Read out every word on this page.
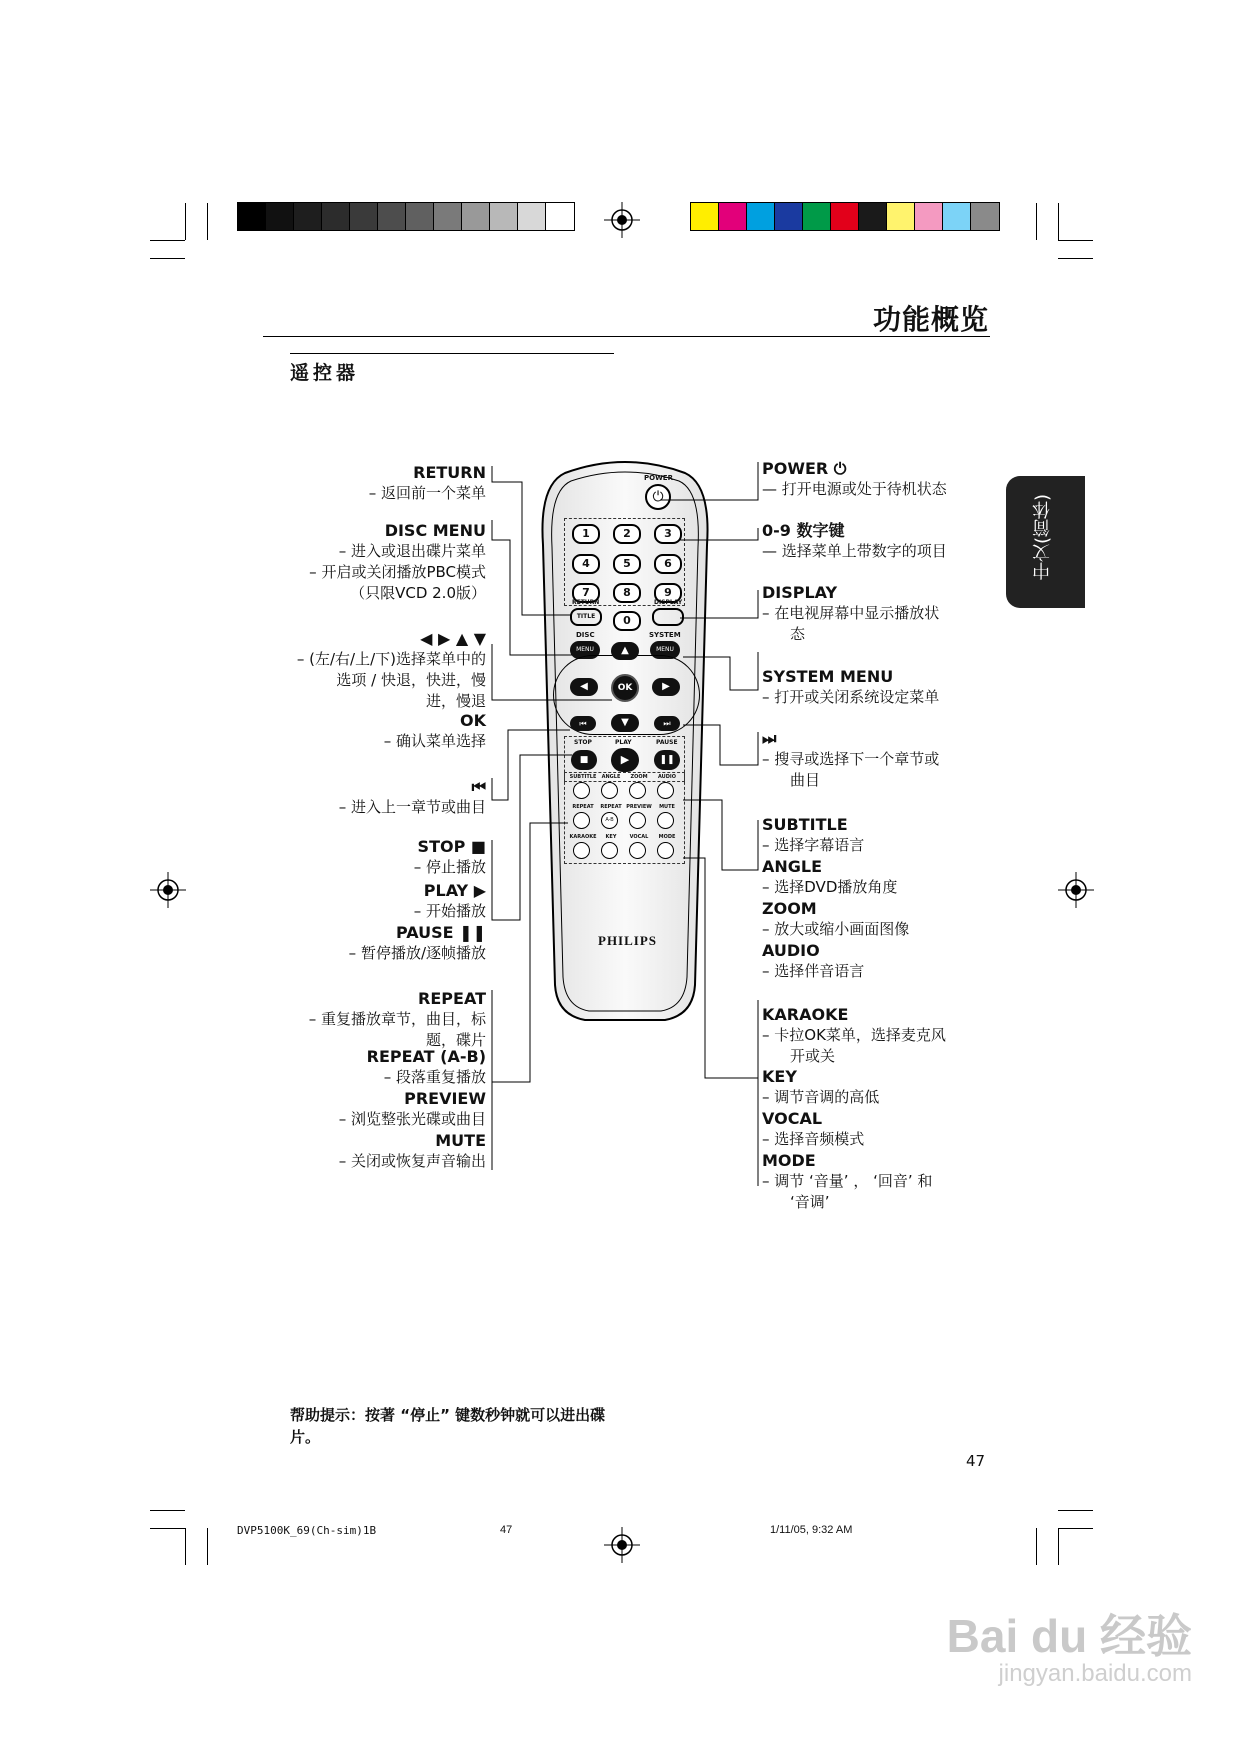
功能概览
遥控器
中文(简体)
RETURN
– 返回前一个菜单
DISC MENU
– 进入或退出碟片菜单
– 开启或关闭播放PBC模式
（只限VCD 2.0版）
◀ ▶ ▲ ▼
– (左/右/上/下)选择菜单中的
选项 / 快退，快进，慢
进，慢退
OK
– 确认菜单选择
⏮
– 进入上一章节或曲目
STOP ■
– 停止播放
PLAY ▶
– 开始播放
PAUSE ❚❚
– 暂停播放/逐帧播放
REPEAT
– 重复播放章节，曲目，标
题，碟片
REPEAT (A-B)
– 段落重复播放
PREVIEW
– 浏览整张光碟或曲目
MUTE
– 关闭或恢复声音输出
POWER ⏻
— 打开电源或处于待机状态
0-9 数字键
— 选择菜单上带数字的项目
DISPLAY
– 在电视屏幕中显示播放状
态
SYSTEM MENU
– 打开或关闭系统设定菜单
⏭
– 搜寻或选择下一个章节或
曲目
SUBTITLE
– 选择字幕语言
ANGLE
– 选择DVD播放角度
ZOOM
– 放大或缩小画面图像
AUDIO
– 选择伴音语言
KARAOKE
– 卡拉OK菜单，选择麦克风
开或关
KEY
– 调节音调的高低
VOCAL
– 选择音频模式
MODE
– 调节 ‘音量’ ， ‘回音’ 和
‘音调’
POWER
⏻
1	2	3
4	5	6
7	8	9
0
RETURN
TITLE
DISPLAY
DISC	SYSTEM
MENU	MENU
▲
◀	OK	▶
⏮	▼	⏭
STOP	PLAY	PAUSE
■	▶	❚❚
SUBTITLE	ANGLE	ZOOM	AUDIO
REPEAT	REPEAT
A-B
PREVIEW	MUTE
KARAOKE	KEY	VOCAL	MODE
PHILIPS
帮助提示：按著 “停止” 键数秒钟就可以进出碟片。
47
DVP5100K_69(Ch-sim)1B	47	1/11/05, 9:32 AM
Bai du 经验
jingyan.baidu.com
